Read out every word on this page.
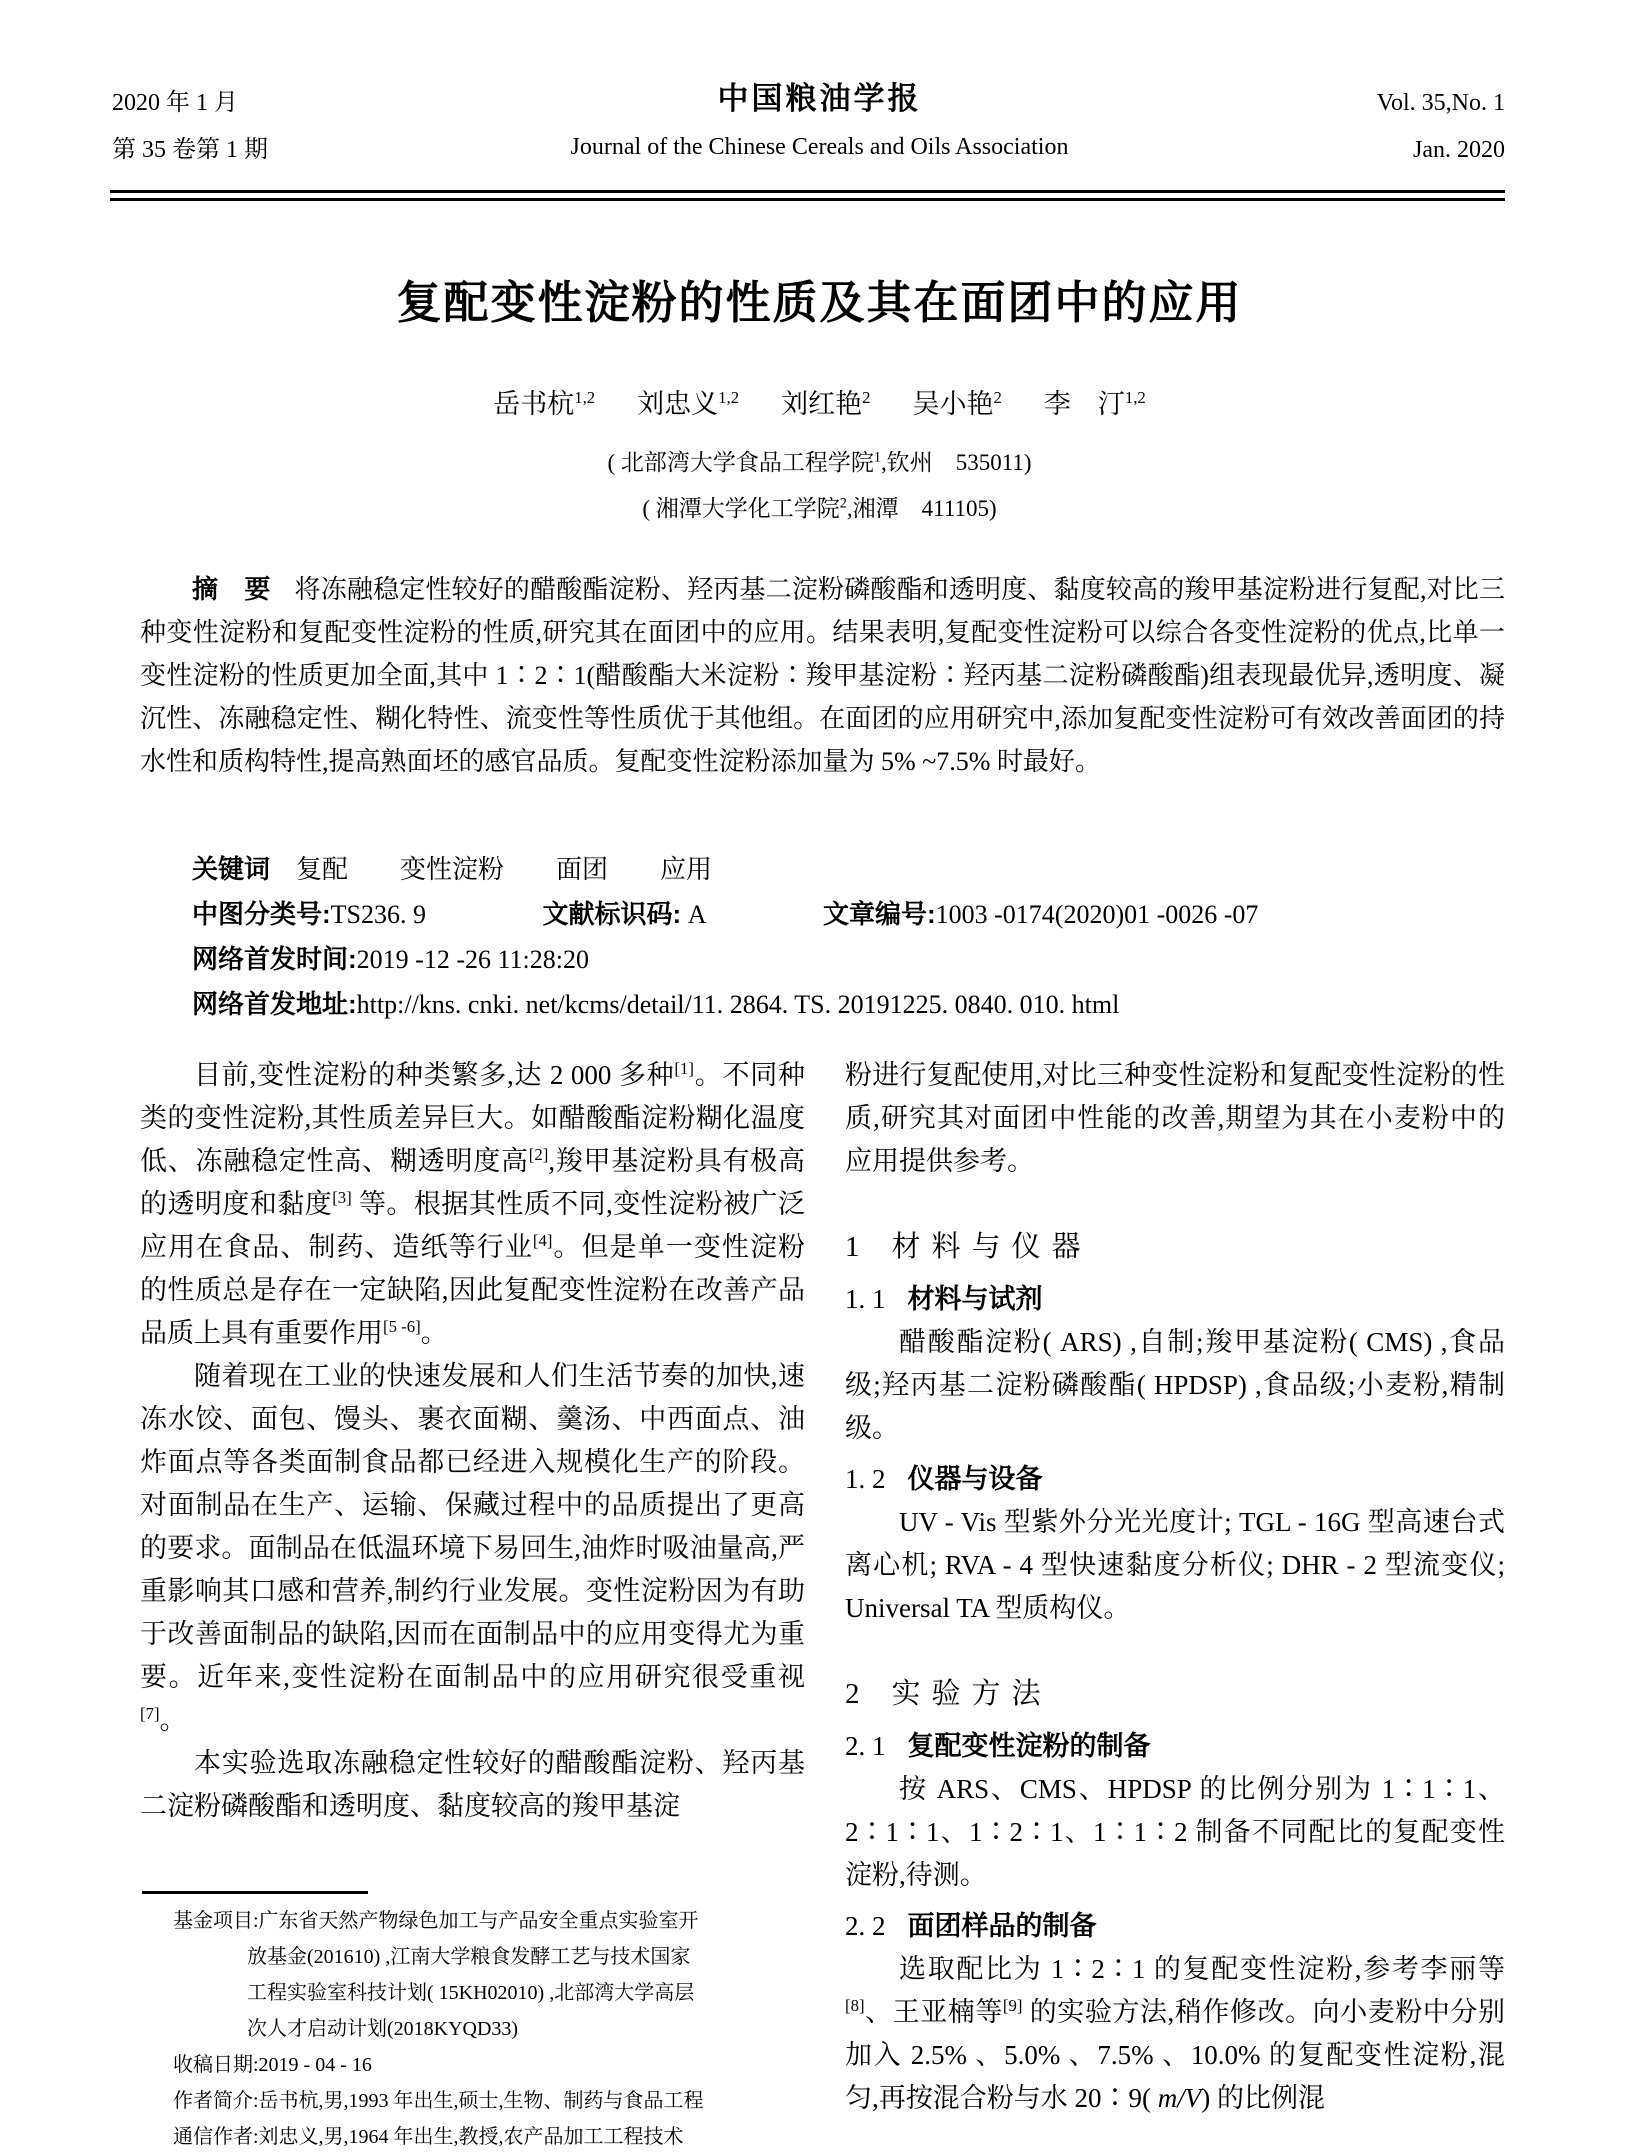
2020 年 1 月
第 35 卷第 1 期
中国粮油学报
Journal of the Chinese Cereals and Oils Association
Vol. 35,No. 1
Jan. 2020
复配变性淀粉的性质及其在面团中的应用
岳书杭$^{1,2}$ 刘忠义$^{1,2}$ 刘红艳$^2$ 吴小艳$^2$ 李　汀$^{1,2}$
( 北部湾大学食品工程学院$^1$,钦州　535011)
( 湘潭大学化工学院$^2$,湘潭　411105)
摘　要 将冻融稳定性较好的醋酸酯淀粉、羟丙基二淀粉磷酸酯和透明度、黏度较高的羧甲基淀粉进行复配,对比三种变性淀粉和复配变性淀粉的性质,研究其在面团中的应用。结果表明,复配变性淀粉可以综合各变性淀粉的优点,比单一变性淀粉的性质更加全面,其中 1∶2∶1(醋酸酯大米淀粉∶羧甲基淀粉∶羟丙基二淀粉磷酸酯)组表现最优异,透明度、凝沉性、冻融稳定性、糊化特性、流变性等性质优于其他组。在面团的应用研究中,添加复配变性淀粉可有效改善面团的持水性和质构特性,提高熟面坯的感官品质。复配变性淀粉添加量为 5% ~7.5% 时最好。
关键词 复配　　变性淀粉　　面团　　应用
中图分类号:TS236. 9	文献标识码: A	文章编号:1003 -0174(2020)01 -0026 -07
网络首发时间:2019 -12 -26 11:28:20
网络首发地址:http://kns. cnki. net/kcms/detail/11. 2864. TS. 20191225. 0840. 010. html

目前,变性淀粉的种类繁多,达 2 000 多种[1]。不同种类的变性淀粉,其性质差异巨大。如醋酸酯淀粉糊化温度低、冻融稳定性高、糊透明度高[2],羧甲基淀粉具有极高的透明度和黏度[3] 等。根据其性质不同,变性淀粉被广泛应用在食品、制药、造纸等行业[4]。但是单一变性淀粉的性质总是存在一定缺陷,因此复配变性淀粉在改善产品品质上具有重要作用[5 -6]。

随着现在工业的快速发展和人们生活节奏的加快,速冻水饺、面包、馒头、裹衣面糊、羹汤、中西面点、油炸面点等各类面制食品都已经进入规模化生产的阶段。对面制品在生产、运输、保藏过程中的品质提出了更高的要求。面制品在低温环境下易回生,油炸时吸油量高,严重影响其口感和营养,制约行业发展。变性淀粉因为有助于改善面制品的缺陷,因而在面制品中的应用变得尤为重要。近年来,变性淀粉在面制品中的应用研究很受重视[7]。

本实验选取冻融稳定性较好的醋酸酯淀粉、羟丙基二淀粉磷酸酯和透明度、黏度较高的羧甲基淀

粉进行复配使用,对比三种变性淀粉和复配变性淀粉的性质,研究其对面团中性能的改善,期望为其在小麦粉中的应用提供参考。

1 材料与仪器
1. 1 材料与试剂

醋酸酯淀粉( ARS) ,自制;羧甲基淀粉( CMS) ,食品级;羟丙基二淀粉磷酸酯( HPDSP) ,食品级;小麦粉,精制级。

1. 2 仪器与设备

UV - Vis 型紫外分光光度计; TGL - 16G 型高速台式离心机; RVA - 4 型快速黏度分析仪; DHR - 2 型流变仪; Universal TA 型质构仪。

2 实验方法
2. 1 复配变性淀粉的制备

按 ARS、CMS、HPDSP 的比例分别为 1∶1∶1、2∶1∶1、1∶2∶1、1∶1∶2 制备不同配比的复配变性淀粉,待测。

2. 2 面团样品的制备

选取配比为 1∶2∶1 的复配变性淀粉,参考李丽等[8]、王亚楠等[9] 的实验方法,稍作修改。向小麦粉中分别加入 2.5% 、5.0% 、7.5% 、10.0% 的复配变性淀粉,混匀,再按混合粉与水 20∶9( m/V) 的比例混

基金项目:广东省天然产物绿色加工与产品安全重点实验室开
放基金(201610) ,江南大学粮食发酵工艺与技术国家
工程实验室科技计划( 15KH02010) ,北部湾大学高层
次人才启动计划(2018KYQD33)
收稿日期:2019 - 04 - 16
作者简介:岳书杭,男,1993 年出生,硕士,生物、制药与食品工程
通信作者:刘忠义,男,1964 年出生,教授,农产品加工工程技术
